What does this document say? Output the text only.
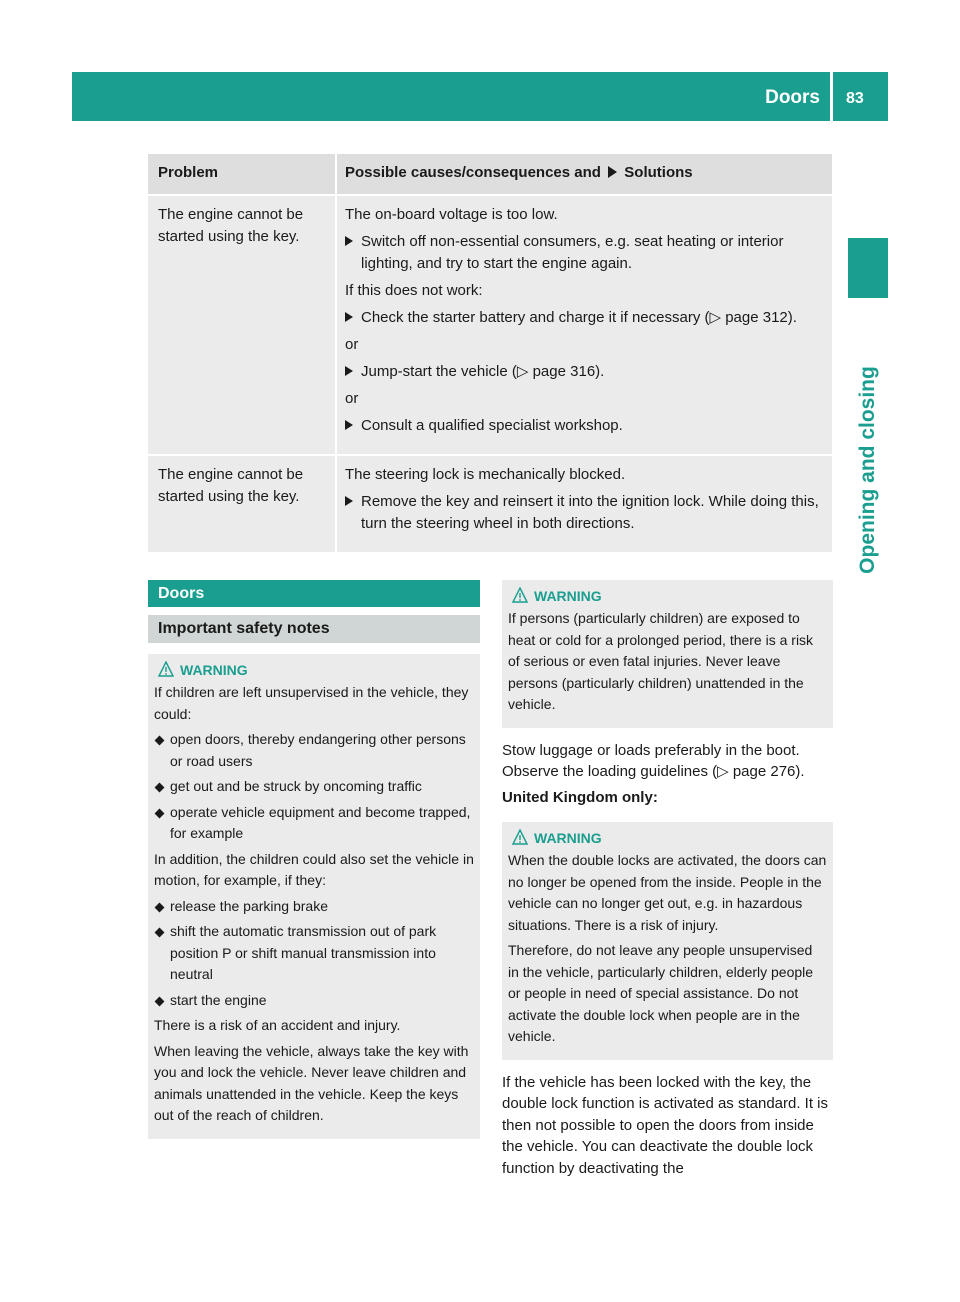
Doors 83
Opening and closing
Problem	Possible causes/consequences and Solutions
The engine cannot be started using the key.
The on-board voltage is too low.
Switch off non-essential consumers, e.g. seat heating or interior lighting, and try to start the engine again.
If this does not work:
Check the starter battery and charge it if necessary (▷ page 312).
or
Jump-start the vehicle (▷ page 316).
or
Consult a qualified specialist workshop.
The engine cannot be started using the key.
The steering lock is mechanically blocked.
Remove the key and reinsert it into the ignition lock. While doing this, turn the steering wheel in both directions.
Doors
Important safety notes
WARNING

If children are left unsupervised in the vehicle, they could:

open doors, thereby endangering other persons or road users
get out and be struck by oncoming traffic
operate vehicle equipment and become trapped, for example

In addition, the children could also set the vehicle in motion, for example, if they:

release the parking brake
shift the automatic transmission out of park position P or shift manual transmission into neutral
start the engine

There is a risk of an accident and injury.

When leaving the vehicle, always take the key with you and lock the vehicle. Never leave children and animals unattended in the vehicle. Keep the keys out of the reach of children.

WARNING

If persons (particularly children) are exposed to heat or cold for a prolonged period, there is a risk of serious or even fatal injuries. Never leave persons (particularly children) unattended in the vehicle.

Stow luggage or loads preferably in the boot. Observe the loading guidelines (▷ page 276).

United Kingdom only:

WARNING

When the double locks are activated, the doors can no longer be opened from the inside. People in the vehicle can no longer get out, e.g. in hazardous situations. There is a risk of injury.

Therefore, do not leave any people unsupervised in the vehicle, particularly children, elderly people or people in need of special assistance. Do not activate the double lock when people are in the vehicle.

If the vehicle has been locked with the key, the double lock function is activated as standard. It is then not possible to open the doors from inside the vehicle. You can deactivate the double lock function by deactivating the
